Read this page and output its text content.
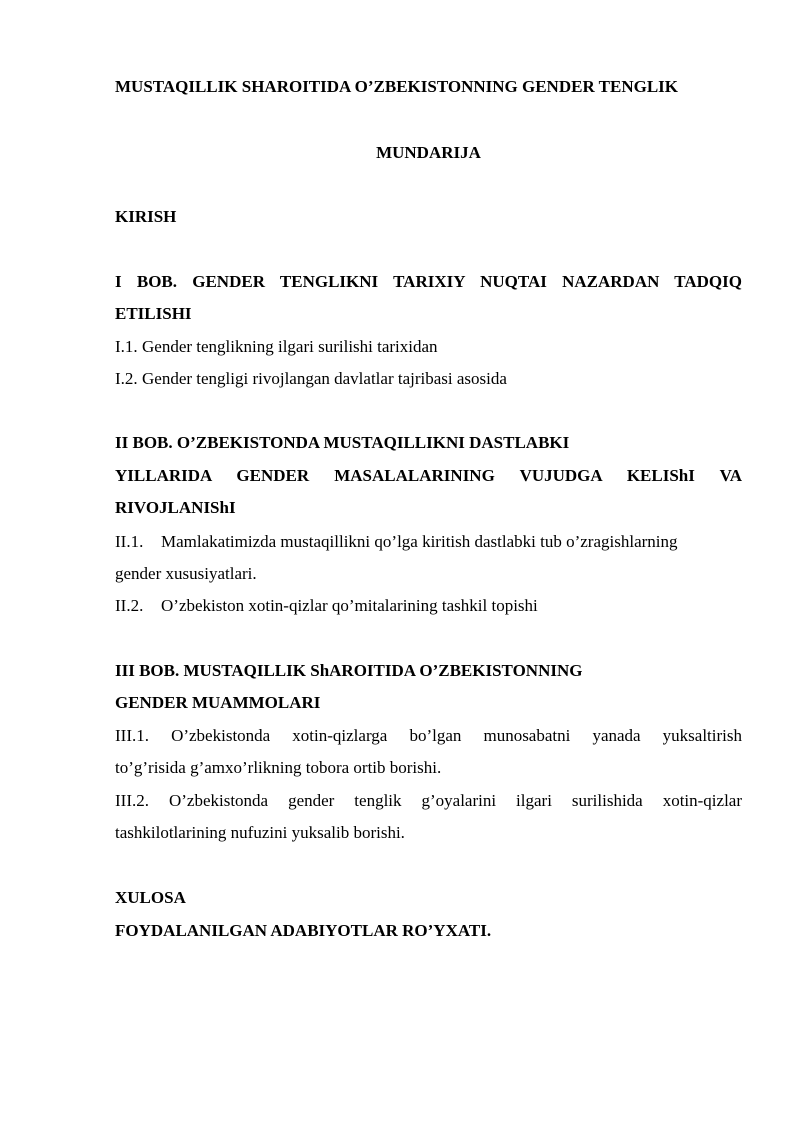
MUSTAQILLIK SHAROITIDA O’ZBEKISTONNING GENDER TENGLIK
MUNDARIJA
KIRISH
I BOB. GENDER TENGLIKNI TARIXIY NUQTAI NAZARDAN TADQIQ
ETILISHI
I.1. Gender tenglikning ilgari surilishi tarixidan
I.2. Gender tengligi rivojlangan davlatlar tajribasi asosida
II BOB. O’ZBEKISTONDA MUSTAQILLIKNI DASTLABKI
YILLARIDA GENDER MASALALARINING VUJUDGA KELIShI VA
RIVOJLANIShI
II.1. Mamlakatimizda mustaqillikni qo’lga kiritish dastlabki tub o’zragishlarning
gender xususiyatlari.
II.2. O’zbekiston xotin-qizlar qo’mitalarining tashkil topishi
III BOB. MUSTAQILLIK ShAROITIDA O’ZBEKISTONNING
GENDER MUAMMOLARI
III.1. O’zbekistonda xotin-qizlarga bo’lgan munosabatni yanada yuksaltirish
to’g’risida g’amxo’rlikning tobora ortib borishi.
III.2. O’zbekistonda gender tenglik g’oyalarini ilgari surilishida xotin-qizlar
tashkilotlarining nufuzini yuksalib borishi.
XULOSA
FOYDALANILGAN ADABIYOTLAR RO’YXATI.
